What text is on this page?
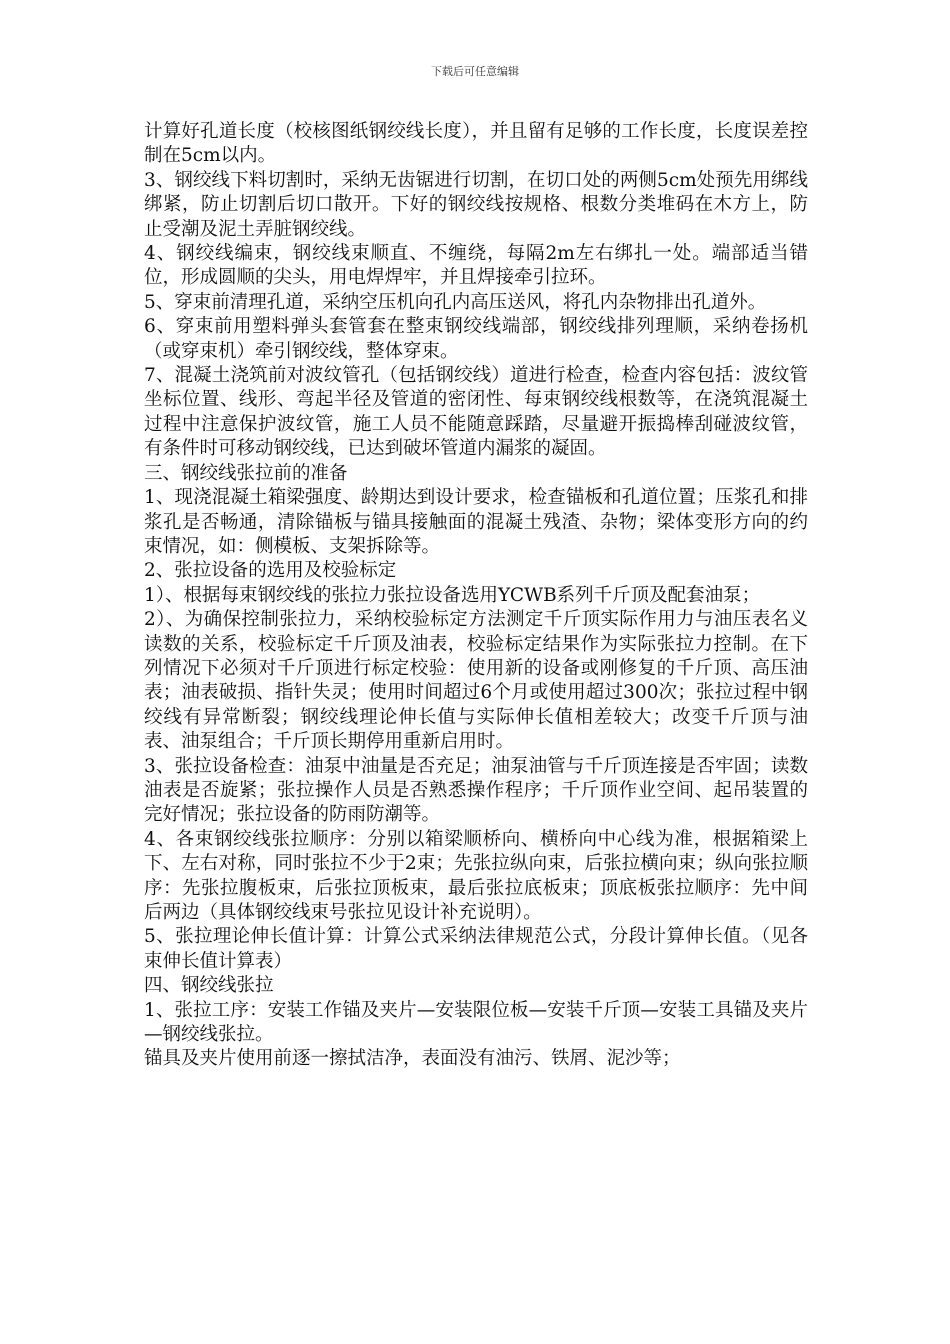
下载后可任意编辑

计算好孔道长度（校核图纸钢绞线长度），并且留有足够的工作长度，长度误差控制在5cm以内。

3、钢绞线下料切割时，采纳无齿锯进行切割，在切口处的两侧5cm处预先用绑线绑紧，防止切割后切口散开。下好的钢绞线按规格、根数分类堆码在木方上，防止受潮及泥土弄脏钢绞线。

4、钢绞线编束，钢绞线束顺直、不缠绕，每隔2m左右绑扎一处。端部适当错位，形成圆顺的尖头，用电焊焊牢，并且焊接牵引拉环。

5、穿束前清理孔道，采纳空压机向孔内高压送风，将孔内杂物排出孔道外。

6、穿束前用塑料弹头套管套在整束钢绞线端部，钢绞线排列理顺，采纳卷扬机（或穿束机）牵引钢绞线，整体穿束。

7、混凝土浇筑前对波纹管孔（包括钢绞线）道进行检查，检查内容包括：波纹管坐标位置、线形、弯起半径及管道的密闭性、每束钢绞线根数等，在浇筑混凝土过程中注意保护波纹管，施工人员不能随意踩踏，尽量避开振捣棒刮碰波纹管，有条件时可移动钢绞线，已达到破坏管道内漏浆的凝固。

三、钢绞线张拉前的准备

1、现浇混凝土箱梁强度、龄期达到设计要求，检查锚板和孔道位置；压浆孔和排浆孔是否畅通，清除锚板与锚具接触面的混凝土残渣、杂物；梁体变形方向的约束情况，如：侧模板、支架拆除等。

2、张拉设备的选用及校验标定

1）、根据每束钢绞线的张拉力张拉设备选用YCWB系列千斤顶及配套油泵；

2）、为确保控制张拉力，采纳校验标定方法测定千斤顶实际作用力与油压表名义读数的关系，校验标定千斤顶及油表，校验标定结果作为实际张拉力控制。在下列情况下必须对千斤顶进行标定校验：使用新的设备或刚修复的千斤顶、高压油表；油表破损、指针失灵；使用时间超过6个月或使用超过300次；张拉过程中钢绞线有异常断裂；钢绞线理论伸长值与实际伸长值相差较大；改变千斤顶与油表、油泵组合；千斤顶长期停用重新启用时。

3、张拉设备检查：油泵中油量是否充足；油泵油管与千斤顶连接是否牢固；读数油表是否旋紧；张拉操作人员是否熟悉操作程序；千斤顶作业空间、起吊装置的完好情况；张拉设备的防雨防潮等。

4、各束钢绞线张拉顺序：分别以箱梁顺桥向、横桥向中心线为准，根据箱梁上下、左右对称，同时张拉不少于2束；先张拉纵向束，后张拉横向束；纵向张拉顺序：先张拉腹板束，后张拉顶板束，最后张拉底板束；顶底板张拉顺序：先中间后两边（具体钢绞线束号张拉见设计补充说明）。

5、张拉理论伸长值计算：计算公式采纳法律规范公式，分段计算伸长值。（见各束伸长值计算表）

四、钢绞线张拉

1、张拉工序：安装工作锚及夹片—安装限位板—安装千斤顶—安装工具锚及夹片—钢绞线张拉。

锚具及夹片使用前逐一擦拭洁净，表面没有油污、铁屑、泥沙等；
